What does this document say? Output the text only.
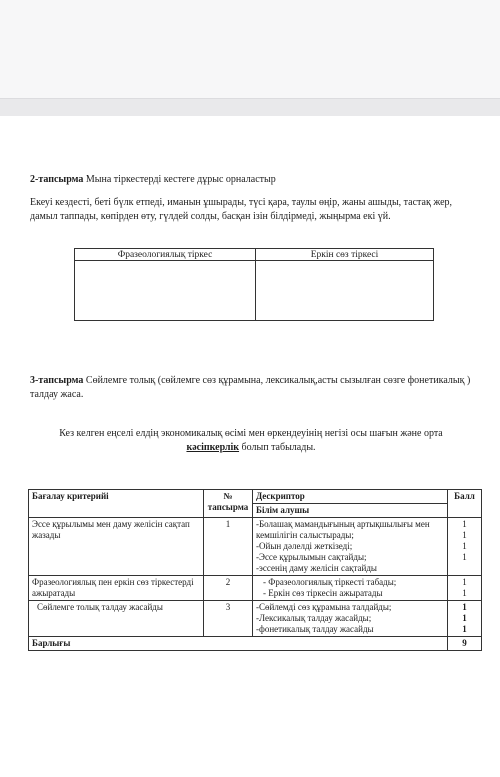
2-тапсырма Мына тіркестерді кестеге дұрыс орналастыр
Екеуі кездесті, беті бүлк етпеді, иманын ұшырады, түсі қара, таулы өңір, жаны ашыды, тастақ жер, дамыл таппады, көпірден өту, гүлдей солды, басқан ізін білдірмеді, жыңырма екі үй.
Фразеологиялық тіркес	Еркін сөз тіркесі

3-тапсырма Сөйлемге толық (сөйлемге сөз құрамына, лексикалық,асты сызылған сөзге фонетикалық ) талдау жаса.
Кез келген еңселі елдің экономикалық өсімі мен өркендеуінің негізі осы шағын және орта
кәсіпкерлік болып табылады.
Бағалау критерийі	№ тапсырма	Дескриптор	Балл
		Білім алушы	
Эссе құрылымы мен даму желісін сақтап жазады	1	-Болашақ мамандығының артықшылығы мен кемшілігін салыстырады;
-Ойын дәлелді жеткізеді;
-Эссе құрылымын сақтайды;
-эссенің даму желісін сақтайды	1
1
1
1

Фразеологиялық пен еркін сөз тіркестерді ажыратады	2	- Фразеологиялық тіркесті табады;
- Еркін сөз тіркесін ажыратады	1
1

Сөйлемге толық талдау жасайды	3	-Сөйлемді сөз құрамына талдайды;
-Лексикалық талдау жасайды;
-фонетикалық талдау жасайды	1
1
1

Барлығы			9
